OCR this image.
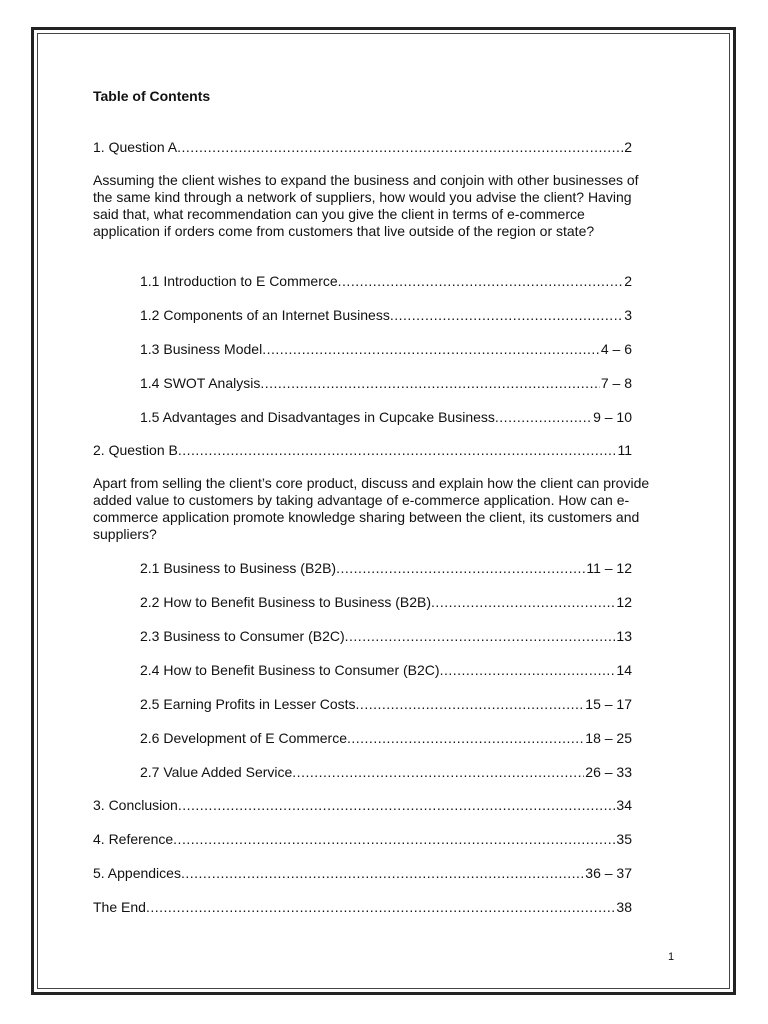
Table of Contents
1. Question A .....	2
Assuming the client wishes to expand the business and conjoin with other businesses of the same kind through a network of suppliers, how would you advise the client? Having said that, what recommendation can you give the client in terms of e-commerce application if orders come from customers that live outside of the region or state?
1.1 Introduction to E Commerce .....	2
1.2 Components of an Internet Business .....	3
1.3 Business Model .....	4 – 6
1.4 SWOT Analysis .....	7 – 8
1.5 Advantages and Disadvantages in Cupcake Business .....	9 – 10
2. Question B .....	11
Apart from selling the client’s core product, discuss and explain how the client can provide added value to customers by taking advantage of e-commerce application. How can e-commerce application promote knowledge sharing between the client, its customers and suppliers?
2.1 Business to Business (B2B) .....	11 – 12
2.2 How to Benefit Business to Business (B2B) .....	12
2.3 Business to Consumer (B2C) .....	13
2.4 How to Benefit Business to Consumer (B2C) .....	14
2.5 Earning Profits in Lesser Costs .....	15 – 17
2.6 Development of E Commerce .....	18 – 25
2.7 Value Added Service .....	26 – 33
3. Conclusion .....	34
4. Reference .....	35
5. Appendices .....	36 – 37
The End .....	38
1
